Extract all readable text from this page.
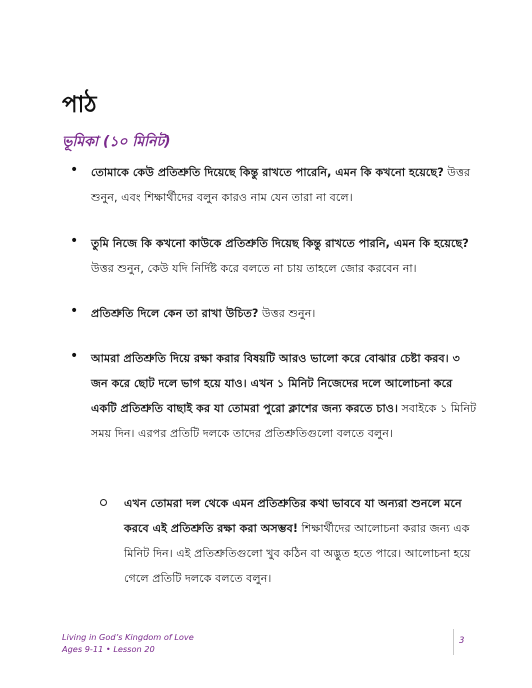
পাঠ
ভূমিকা (১০ মিনিট)
• তোমাকে কেউ প্রতিশ্রুতি দিয়েছে কিন্তু রাখতে পারেনি, এমন কি কখনো হয়েছে? উত্তর শুনুন, এবং শিক্ষার্থীদের বলুন কারও নাম যেন তারা না বলে।
• তুমি নিজে কি কখনো কাউকে প্রতিশ্রুতি দিয়েছ কিন্তু রাখতে পারনি, এমন কি হয়েছে? উত্তর শুনুন, কেউ যদি নির্দিষ্ট করে বলতে না চায় তাহলে জোর করবেন না।
• প্রতিশ্রুতি দিলে কেন তা রাখা উচিত? উত্তর শুনুন।
• আমরা প্রতিশ্রুতি দিয়ে রক্ষা করার বিষয়টি আরও ভালো করে বোঝার চেষ্টা করব। ৩ জন করে ছোট দলে ভাগ হয়ে যাও। এখন ১ মিনিট নিজেদের দলে আলোচনা করে একটি প্রতিশ্রুতি বাছাই কর যা তোমরা পুরো ক্লাশের জন্য করতে চাও। সবাইকে ১ মিনিট সময় দিন। এরপর প্রতিটি দলকে তাদের প্রতিশ্রুতিগুলো বলতে বলুন।
এখন তোমরা দল থেকে এমন প্রতিশ্রুতির কথা ভাববে যা অন্যরা শুনলে মনে করবে এই প্রতিশ্রুতি রক্ষা করা অসম্ভব! শিক্ষার্থীদের আলোচনা করার জন্য এক মিনিট দিন। এই প্রতিশ্রুতিগুলো খুব কঠিন বা অদ্ভুত হতে পারে। আলোচনা হয়ে গেলে প্রতিটি দলকে বলতে বলুন।
Living in God’s Kingdom of Love
Ages 9-11 • Lesson 20
3
